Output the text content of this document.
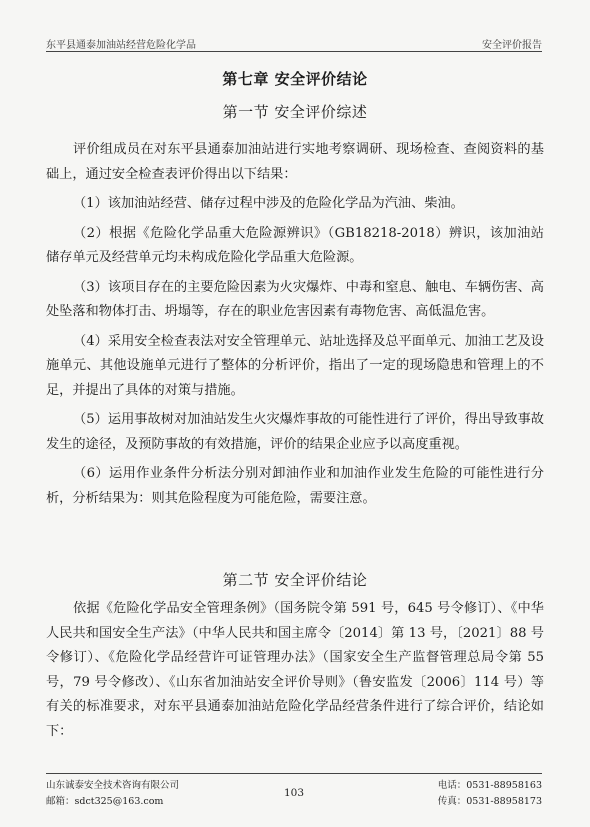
东平县通泰加油站经营危险化学品	安全评价报告
第七章 安全评价结论
第一节 安全评价综述

评价组成员在对东平县通泰加油站进行实地考察调研、现场检查、查阅资料的基础上，通过安全检查表评价得出以下结果：

（1）该加油站经营、储存过程中涉及的危险化学品为汽油、柴油。

（2）根据《危险化学品重大危险源辨识》（GB18218-2018）辨识，该加油站储存单元及经营单元均未构成危险化学品重大危险源。

（3）该项目存在的主要危险因素为火灾爆炸、中毒和窒息、触电、车辆伤害、高处坠落和物体打击、坍塌等，存在的职业危害因素有毒物危害、高低温危害。

（4）采用安全检查表法对安全管理单元、站址选择及总平面单元、加油工艺及设施单元、其他设施单元进行了整体的分析评价，指出了一定的现场隐患和管理上的不足，并提出了具体的对策与措施。

（5）运用事故树对加油站发生火灾爆炸事故的可能性进行了评价，得出导致事故发生的途径，及预防事故的有效措施，评价的结果企业应予以高度重视。

（6）运用作业条件分析法分别对卸油作业和加油作业发生危险的可能性进行分析，分析结果为：则其危险程度为可能危险，需要注意。

第二节 安全评价结论

依据《危险化学品安全管理条例》（国务院令第 591 号，645 号令修订）、《中华人民共和国安全生产法》（中华人民共和国主席令〔2014〕第 13 号，〔2021〕88 号令修订）、《危险化学品经营许可证管理办法》（国家安全生产监督管理总局令第 55 号，79 号令修改）、《山东省加油站安全评价导则》（鲁安监发〔2006〕114 号）等有关的标准要求，对东平县通泰加油站危险化学品经营条件进行了综合评价，结论如下：

山东诚泰安全技术咨询有限公司
邮箱：sdct325@163.com
103
电话：0531-88958163
传真：0531-88958173
